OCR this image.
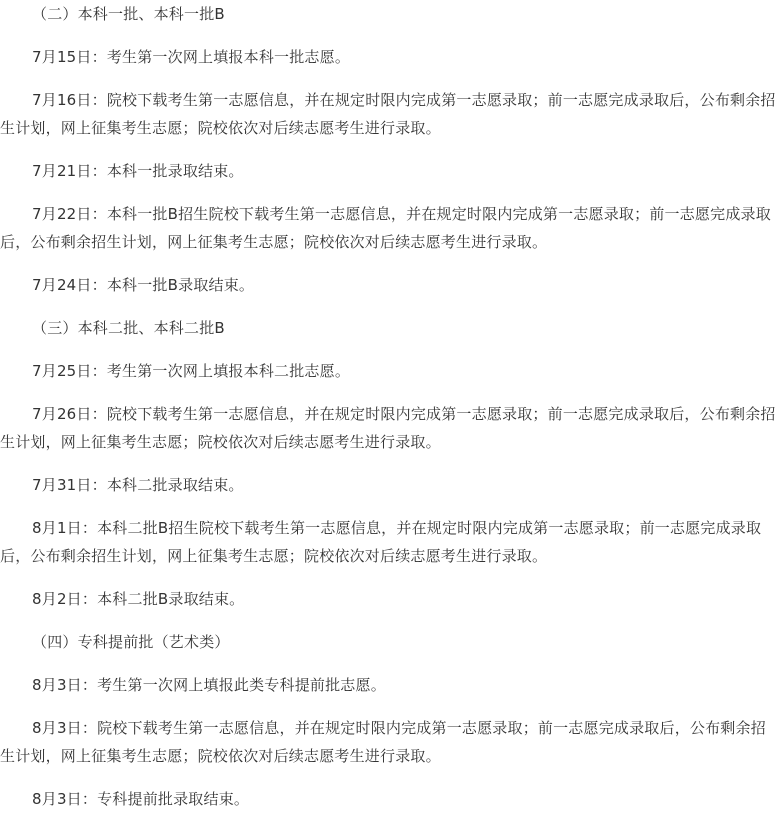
（二）本科一批、本科一批B

7月15日：考生第一次网上填报本科一批志愿。

7月16日：院校下载考生第一志愿信息，并在规定时限内完成第一志愿录取；前一志愿完成录取后，公布剩余招生计划，网上征集考生志愿；院校依次对后续志愿考生进行录取。

7月21日：本科一批录取结束。

7月22日：本科一批B招生院校下载考生第一志愿信息，并在规定时限内完成第一志愿录取；前一志愿完成录取后，公布剩余招生计划，网上征集考生志愿；院校依次对后续志愿考生进行录取。

7月24日：本科一批B录取结束。

（三）本科二批、本科二批B

7月25日：考生第一次网上填报本科二批志愿。

7月26日：院校下载考生第一志愿信息，并在规定时限内完成第一志愿录取；前一志愿完成录取后，公布剩余招生计划，网上征集考生志愿；院校依次对后续志愿考生进行录取。

7月31日：本科二批录取结束。

8月1日：本科二批B招生院校下载考生第一志愿信息，并在规定时限内完成第一志愿录取；前一志愿完成录取后，公布剩余招生计划，网上征集考生志愿；院校依次对后续志愿考生进行录取。

8月2日：本科二批B录取结束。

（四）专科提前批（艺术类）

8月3日：考生第一次网上填报此类专科提前批志愿。

8月3日：院校下载考生第一志愿信息，并在规定时限内完成第一志愿录取；前一志愿完成录取后，公布剩余招生计划，网上征集考生志愿；院校依次对后续志愿考生进行录取。

8月3日：专科提前批录取结束。
